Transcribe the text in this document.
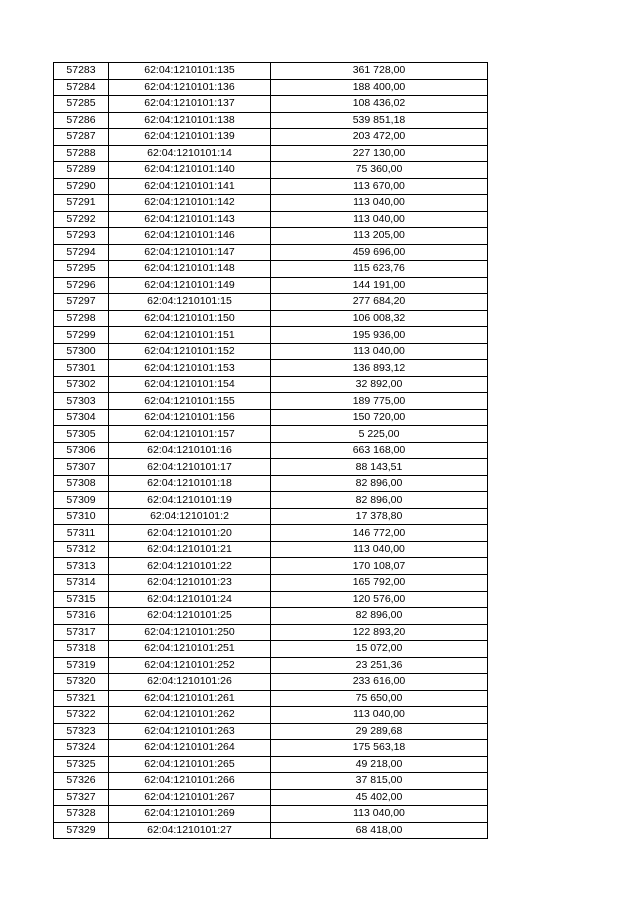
57283	62:04:1210101:135	361 728,00
57284	62:04:1210101:136	188 400,00
57285	62:04:1210101:137	108 436,02
57286	62:04:1210101:138	539 851,18
57287	62:04:1210101:139	203 472,00
57288	62:04:1210101:14	227 130,00
57289	62:04:1210101:140	75 360,00
57290	62:04:1210101:141	113 670,00
57291	62:04:1210101:142	113 040,00
57292	62:04:1210101:143	113 040,00
57293	62:04:1210101:146	113 205,00
57294	62:04:1210101:147	459 696,00
57295	62:04:1210101:148	115 623,76
57296	62:04:1210101:149	144 191,00
57297	62:04:1210101:15	277 684,20
57298	62:04:1210101:150	106 008,32
57299	62:04:1210101:151	195 936,00
57300	62:04:1210101:152	113 040,00
57301	62:04:1210101:153	136 893,12
57302	62:04:1210101:154	32 892,00
57303	62:04:1210101:155	189 775,00
57304	62:04:1210101:156	150 720,00
57305	62:04:1210101:157	5 225,00
57306	62:04:1210101:16	663 168,00
57307	62:04:1210101:17	88 143,51
57308	62:04:1210101:18	82 896,00
57309	62:04:1210101:19	82 896,00
57310	62:04:1210101:2	17 378,80
57311	62:04:1210101:20	146 772,00
57312	62:04:1210101:21	113 040,00
57313	62:04:1210101:22	170 108,07
57314	62:04:1210101:23	165 792,00
57315	62:04:1210101:24	120 576,00
57316	62:04:1210101:25	82 896,00
57317	62:04:1210101:250	122 893,20
57318	62:04:1210101:251	15 072,00
57319	62:04:1210101:252	23 251,36
57320	62:04:1210101:26	233 616,00
57321	62:04:1210101:261	75 650,00
57322	62:04:1210101:262	113 040,00
57323	62:04:1210101:263	29 289,68
57324	62:04:1210101:264	175 563,18
57325	62:04:1210101:265	49 218,00
57326	62:04:1210101:266	37 815,00
57327	62:04:1210101:267	45 402,00
57328	62:04:1210101:269	113 040,00
57329	62:04:1210101:27	68 418,00
